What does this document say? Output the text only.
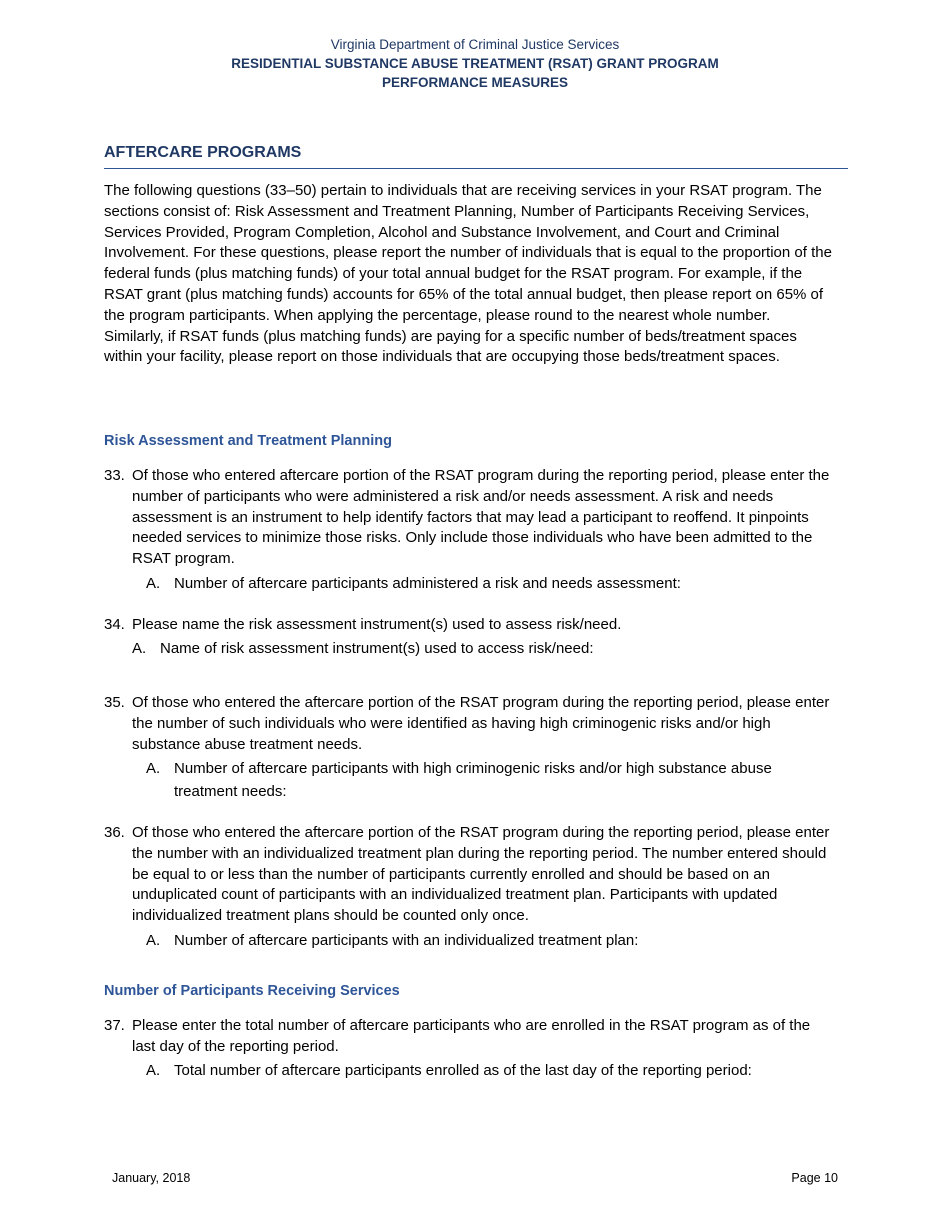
Virginia Department of Criminal Justice Services
RESIDENTIAL SUBSTANCE ABUSE TREATMENT (RSAT) GRANT PROGRAM
PERFORMANCE MEASURES
AFTERCARE PROGRAMS

The following questions (33–50) pertain to individuals that are receiving services in your RSAT program. The sections consist of: Risk Assessment and Treatment Planning, Number of Participants Receiving Services, Services Provided, Program Completion, Alcohol and Substance Involvement, and Court and Criminal Involvement. For these questions, please report the number of individuals that is equal to the proportion of the federal funds (plus matching funds) of your total annual budget for the RSAT program. For example, if the RSAT grant (plus matching funds) accounts for 65% of the total annual budget, then please report on 65% of the program participants. When applying the percentage, please round to the nearest whole number. Similarly, if RSAT funds (plus matching funds) are paying for a specific number of beds/treatment spaces within your facility, please report on those individuals that are occupying those beds/treatment spaces.

Risk Assessment and Treatment Planning
33. Of those who entered aftercare portion of the RSAT program during the reporting period, please enter the number of participants who were administered a risk and/or needs assessment. A risk and needs assessment is an instrument to help identify factors that may lead a participant to reoffend. It pinpoints needed services to minimize those risks. Only include those individuals who have been admitted to the RSAT program.
A. Number of aftercare participants administered a risk and needs assessment:
34. Please name the risk assessment instrument(s) used to assess risk/need.
A. Name of risk assessment instrument(s) used to access risk/need:
35. Of those who entered the aftercare portion of the RSAT program during the reporting period, please enter the number of such individuals who were identified as having high criminogenic risks and/or high substance abuse treatment needs.
A. Number of aftercare participants with high criminogenic risks and/or high substance abuse treatment needs:
36. Of those who entered the aftercare portion of the RSAT program during the reporting period, please enter the number with an individualized treatment plan during the reporting period. The number entered should be equal to or less than the number of participants currently enrolled and should be based on an unduplicated count of participants with an individualized treatment plan. Participants with updated individualized treatment plans should be counted only once.
A. Number of aftercare participants with an individualized treatment plan:
Number of Participants Receiving Services
37. Please enter the total number of aftercare participants who are enrolled in the RSAT program as of the last day of the reporting period.
A. Total number of aftercare participants enrolled as of the last day of the reporting period:
January, 2018	Page 10
